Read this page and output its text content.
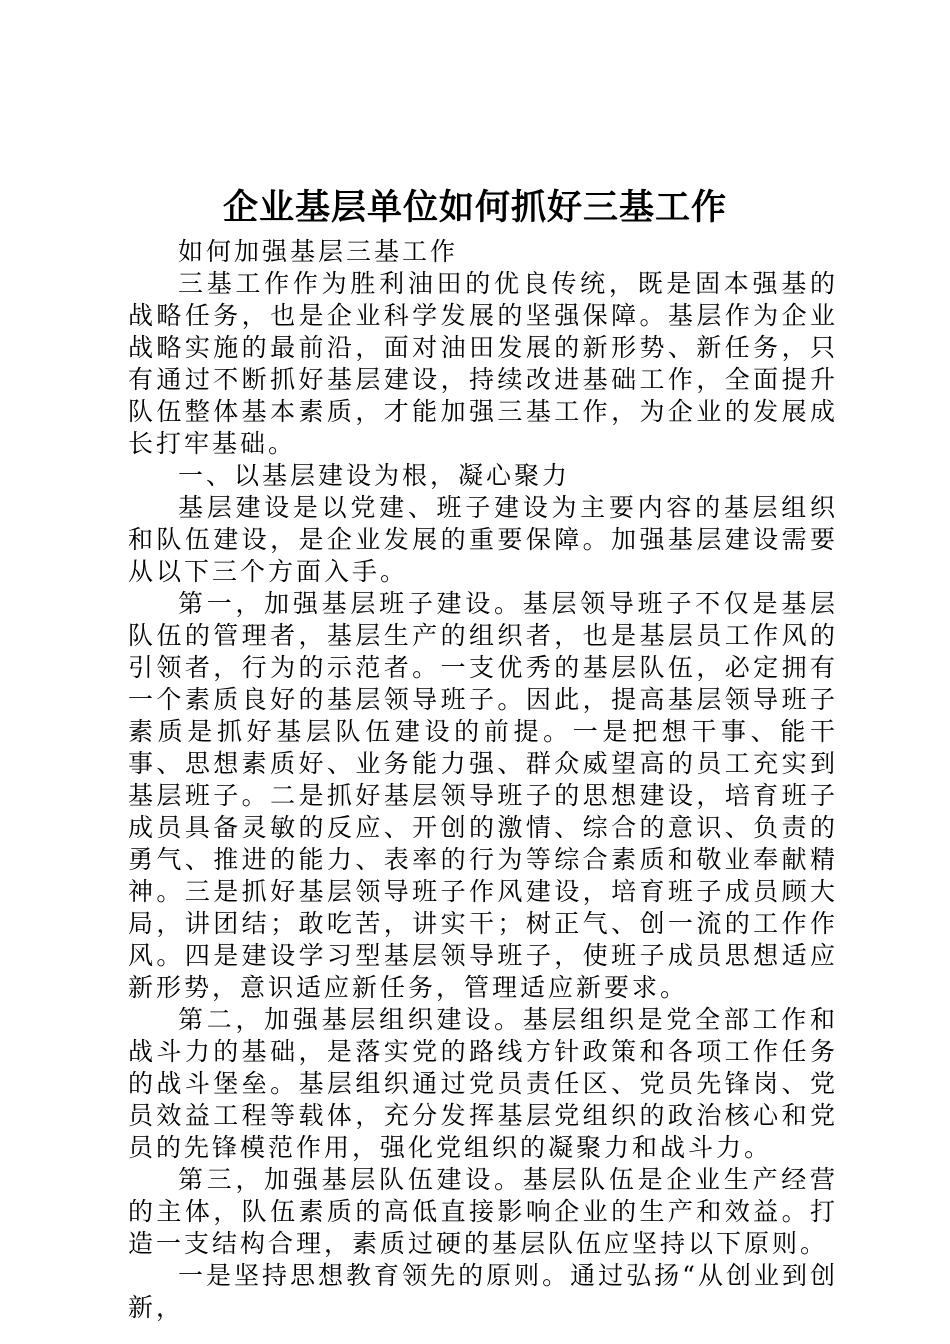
企业基层单位如何抓好三基工作

如何加强基层三基工作

三基工作作为胜利油田的优良传统，既是固本强基的战略任务，也是企业科学发展的坚强保障。基层作为企业战略实施的最前沿，面对油田发展的新形势、新任务，只有通过不断抓好基层建设，持续改进基础工作，全面提升队伍整体基本素质，才能加强三基工作，为企业的发展成长打牢基础。

一、以基层建设为根，凝心聚力

基层建设是以党建、班子建设为主要内容的基层组织和队伍建设，是企业发展的重要保障。加强基层建设需要从以下三个方面入手。

第一，加强基层班子建设。基层领导班子不仅是基层队伍的管理者，基层生产的组织者，也是基层员工作风的引领者，行为的示范者。一支优秀的基层队伍，必定拥有一个素质良好的基层领导班子。因此，提高基层领导班子素质是抓好基层队伍建设的前提。一是把想干事、能干事、思想素质好、业务能力强、群众威望高的员工充实到基层班子。二是抓好基层领导班子的思想建设，培育班子成员具备灵敏的反应、开创的激情、综合的意识、负责的勇气、推进的能力、表率的行为等综合素质和敬业奉献精神。三是抓好基层领导班子作风建设，培育班子成员顾大局，讲团结；敢吃苦，讲实干；树正气、创一流的工作作风。四是建设学习型基层领导班子，使班子成员思想适应新形势，意识适应新任务，管理适应新要求。

第二，加强基层组织建设。基层组织是党全部工作和战斗力的基础，是落实党的路线方针政策和各项工作任务的战斗堡垒。基层组织通过党员责任区、党员先锋岗、党员效益工程等载体，充分发挥基层党组织的政治核心和党员的先锋模范作用，强化党组织的凝聚力和战斗力。

第三，加强基层队伍建设。基层队伍是企业生产经营的主体，队伍素质的高低直接影响企业的生产和效益。打造一支结构合理，素质过硬的基层队伍应坚持以下原则。

一是坚持思想教育领先的原则。通过弘扬“从创业到创新，
